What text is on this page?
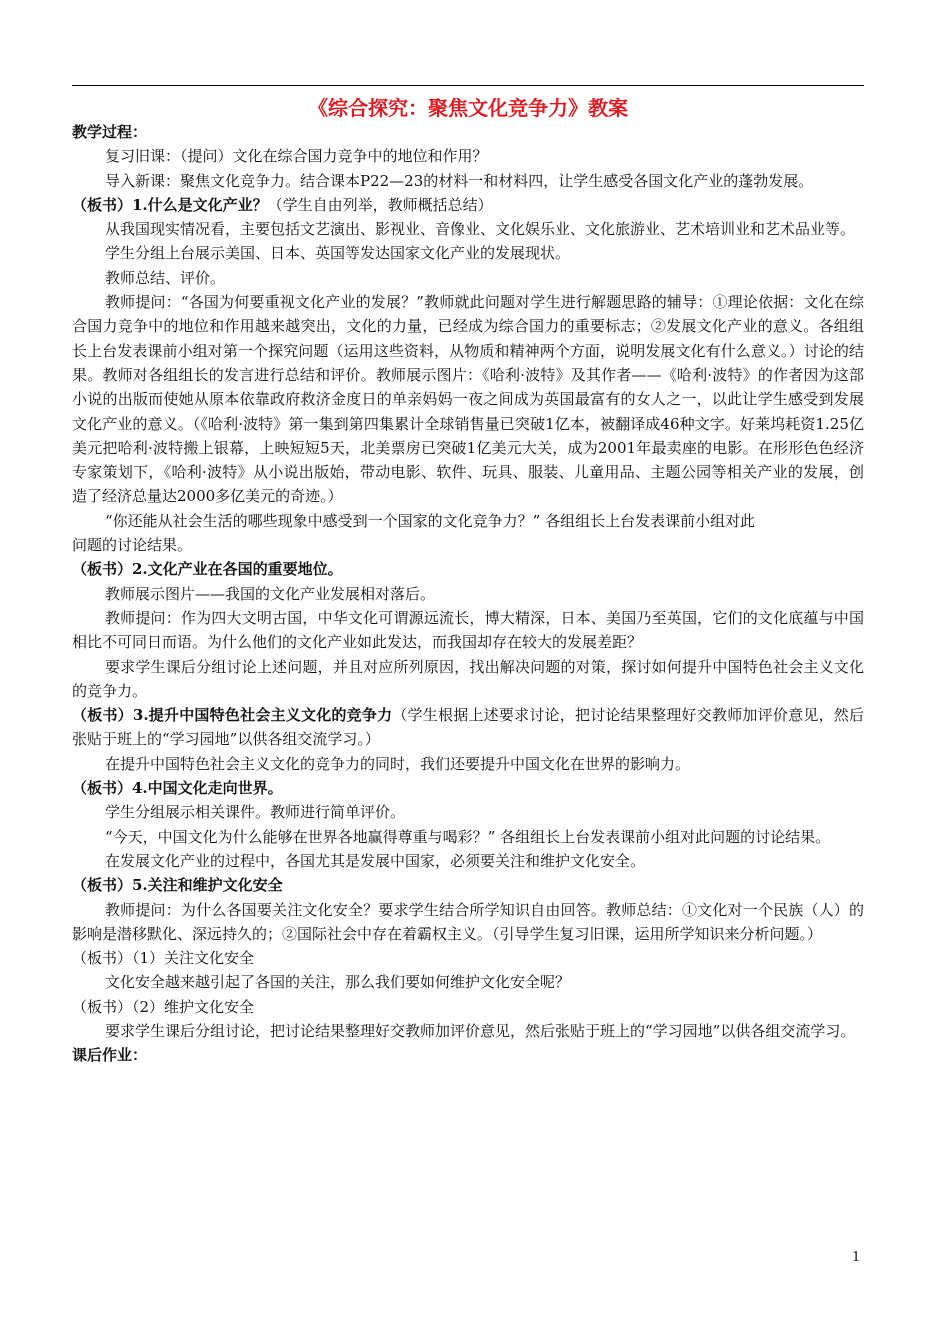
《综合探究：聚焦文化竞争力》教案

教学过程：

复习旧课：（提问）文化在综合国力竞争中的地位和作用？

导入新课：聚焦文化竞争力。结合课本P22—23的材料一和材料四，让学生感受各国文化产业的蓬勃发展。

（板书）1.什么是文化产业？（学生自由列举，教师概括总结）

从我国现实情况看，主要包括文艺演出、影视业、音像业、文化娱乐业、文化旅游业、艺术培训业和艺术品业等。

学生分组上台展示美国、日本、英国等发达国家文化产业的发展现状。

教师总结、评价。

教师提问：“各国为何要重视文化产业的发展？”教师就此问题对学生进行解题思路的辅导：①理论依据：文化在综合国力竞争中的地位和作用越来越突出，文化的力量，已经成为综合国力的重要标志；②发展文化产业的意义。各组组长上台发表课前小组对第一个探究问题（运用这些资料，从物质和精神两个方面，说明发展文化有什么意义。）讨论的结果。教师对各组组长的发言进行总结和评价。教师展示图片：《哈利·波特》及其作者——《哈利·波特》的作者因为这部小说的出版而使她从原本依靠政府救济金度日的单亲妈妈一夜之间成为英国最富有的女人之一，以此让学生感受到发展文化产业的意义。（《哈利·波特》第一集到第四集累计全球销售量已突破1亿本，被翻译成46种文字。好莱坞耗资1.25亿美元把哈利·波特搬上银幕，上映短短5天，北美票房已突破1亿美元大关，成为2001年最卖座的电影。在形形色色经济专家策划下，《哈利·波特》从小说出版始，带动电影、软件、玩具、服装、儿童用品、主题公园等相关产业的发展，创造了经济总量达2000多亿美元的奇迹。）

“你还能从社会生活的哪些现象中感受到一个国家的文化竞争力？” 各组组长上台发表课前小组对此

问题的讨论结果。

（板书）2.文化产业在各国的重要地位。

教师展示图片——我国的文化产业发展相对落后。

教师提问：作为四大文明古国，中华文化可谓源远流长，博大精深，日本、美国乃至英国，它们的文化底蕴与中国相比不可同日而语。为什么他们的文化产业如此发达，而我国却存在较大的发展差距？

要求学生课后分组讨论上述问题，并且对应所列原因，找出解决问题的对策，探讨如何提升中国特色社会主义文化的竞争力。

（板书）3.提升中国特色社会主义文化的竞争力（学生根据上述要求讨论，把讨论结果整理好交教师加评价意见，然后张贴于班上的“学习园地”以供各组交流学习。）

在提升中国特色社会主义文化的竞争力的同时，我们还要提升中国文化在世界的影响力。

（板书）4.中国文化走向世界。

学生分组展示相关课件。教师进行简单评价。

“今天，中国文化为什么能够在世界各地赢得尊重与喝彩？” 各组组长上台发表课前小组对此问题的讨论结果。

在发展文化产业的过程中，各国尤其是发展中国家，必须要关注和维护文化安全。

（板书）5.关注和维护文化安全

教师提问：为什么各国要关注文化安全？要求学生结合所学知识自由回答。教师总结：①文化对一个民族（人）的影响是潜移默化、深远持久的；②国际社会中存在着霸权主义。（引导学生复习旧课，运用所学知识来分析问题。）

（板书）（1）关注文化安全

文化安全越来越引起了各国的关注，那么我们要如何维护文化安全呢？

（板书）（2）维护文化安全

要求学生课后分组讨论，把讨论结果整理好交教师加评价意见，然后张贴于班上的“学习园地”以供各组交流学习。

课后作业：

1
